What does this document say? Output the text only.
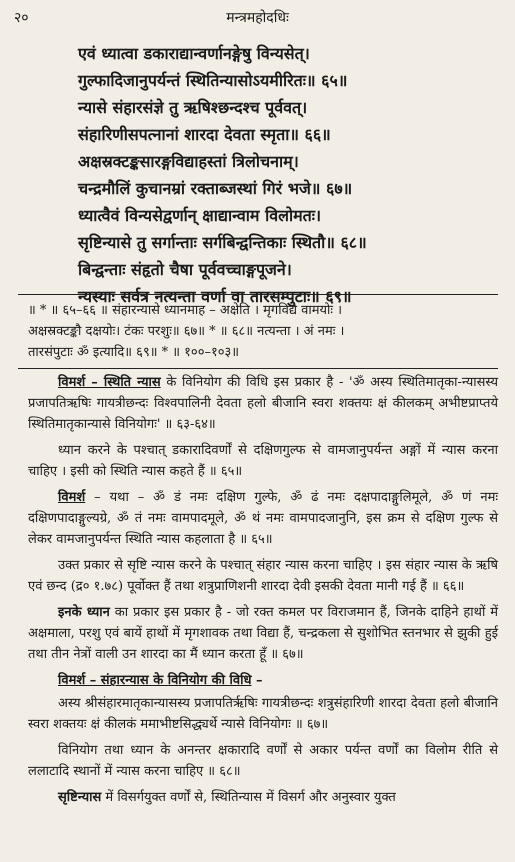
२०	मन्त्रमहोदधिः
एवं ध्यात्वा डकाराद्यान्वर्णानङ्गेषु विन्यसेत्।
गुल्फादिजानुपर्यन्तं स्थितिन्यासोऽयमीरितः॥ ६५॥
न्यासे संहारसंज्ञे तु ऋषिश्छन्दश्च पूर्ववत्।
संहारिणीसपत्नानां शारदा देवता स्मृता॥ ६६॥
अक्षस्रक्टङ्कसारङ्गविद्याहस्तां त्रिलोचनाम्।
चन्द्रमौलिं कुचानम्रां रक्ताब्जस्थां गिरं भजे॥ ६७॥
ध्यात्वैवं विन्यसेद्वर्णान् क्षाद्यान्वाम विलोमतः।
सृष्टिन्यासे तु सर्गान्ताः सर्गबिन्द्वन्तिकाः स्थितौ॥ ६८॥
बिन्द्वन्ताः संहृतो चैषा पूर्ववच्चाङ्गपूजने।
न्यस्याः सर्वत्र नत्यन्ता वर्णा वा तारसम्पुटाः॥ ६९॥
॥ * ॥ ६५–६६ ॥ संहारन्यासे ध्यानमाह – अक्षेति । मृगविद्ये वामयोः ।
अक्षस्रक्टङ्कौ दक्षयोः। टंकः परशुः॥ ६७॥ * ॥ ६८॥ नत्यन्ता । अं नमः ।
तारसंपुटाः ॐ इत्यादि॥ ६९॥ * ॥ १००–१०३॥

विमर्श – स्थिति न्यास के विनियोग की विधि इस प्रकार है - 'ॐ अस्य स्थितिमातृका-न्यासस्य प्रजापतिऋषिः गायत्रीछन्दः विश्वपालिनी देवता हलो बीजानि स्वरा शक्तयः क्षं कीलकम् अभीष्टप्राप्तये स्थितिमातृकान्यासे विनियोगः' ॥ ६३-६४॥

ध्यान करने के पश्चात् डकारादिवर्णों से दक्षिणगुल्फ से वामजानुपर्यन्त अङ्गों में न्यास करना चाहिए । इसी को स्थिति न्यास कहते हैं ॥ ६५॥

विमर्श – यथा – ॐ डं नमः दक्षिण गुल्फे, ॐ ढं नमः दक्षपादाङ्गुलिमूले, ॐ णं नमः दक्षिणपादाङ्गुल्यग्रे, ॐ तं नमः वामपादमूले, ॐ थं नमः वामपादजानुनि, इस क्रम से दक्षिण गुल्फ से लेकर वामजानुपर्यन्त स्थिति न्यास कहलाता है ॥ ६५॥

उक्त प्रकार से सृष्टि न्यास करने के पश्चात् संहार न्यास करना चाहिए । इस संहार न्यास के ऋषि एवं छन्द (द्र० १.७८) पूर्वोक्त हैं तथा शत्रुप्राणिशनी शारदा देवी इसकी देवता मानी गई हैं ॥ ६६॥

इनके ध्यान का प्रकार इस प्रकार है - जो रक्त कमल पर विराजमान हैं, जिनके दाहिने हाथों में अक्षमाला, परशु एवं बायें हाथों में मृगशावक तथा विद्या हैं, चन्द्रकला से सुशोभित स्तनभार से झुकी हुई तथा तीन नेत्रों वाली उन शारदा का मैं ध्यान करता हूँ ॥ ६७॥

विमर्श – संहारन्यास के विनियोग की विधि –

अस्य श्रीसंहारमातृकान्यासस्य प्रजापतिर्ऋषिः गायत्रीछन्दः शत्रुसंहारिणी शारदा देवता हलो बीजानि स्वरा शक्तयः क्षं कीलकं ममाभीष्टसिद्ध्यर्थे न्यासे विनियोगः ॥ ६७॥

विनियोग तथा ध्यान के अनन्तर क्षकारादि वर्णों से अकार पर्यन्त वर्णों का विलोम रीति से ललाटादि स्थानों में न्यास करना चाहिए ॥ ६८॥

सृष्टिन्यास में विसर्गयुक्त वर्णों से, स्थितिन्यास में विसर्ग और अनुस्वार युक्त
